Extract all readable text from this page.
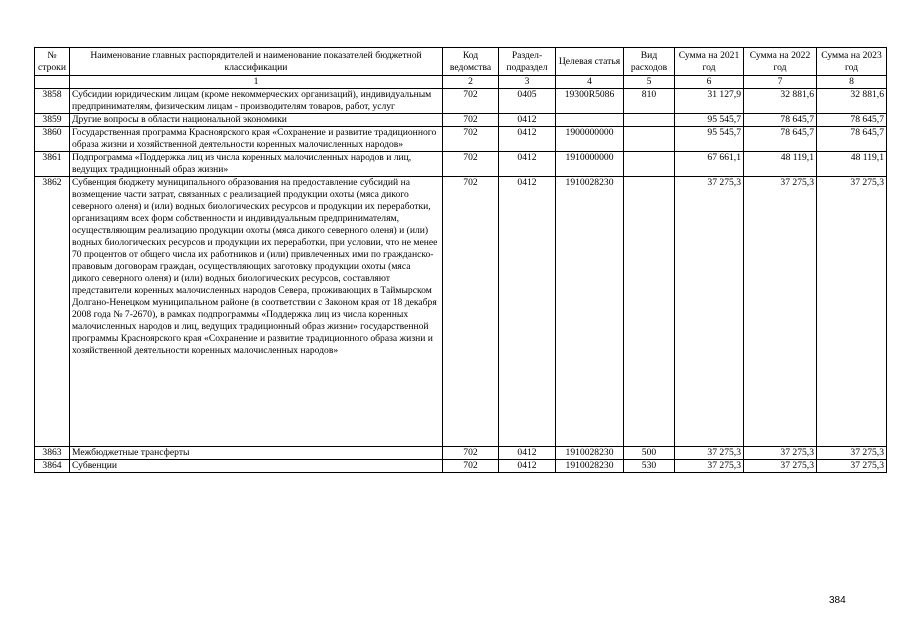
№ строки	Наименование главных распорядителей и наименование показателей бюджетной классификации	Код ведомства	Раздел-подраздел	Целевая статья	Вид расходов	Сумма на 2021 год	Сумма на 2022 год	Сумма на 2023 год
	1	2	3	4	5	6	7	8
3858	Субсидии юридическим лицам (кроме некоммерческих организаций), индивидуальным предпринимателям, физическим лицам - производителям товаров, работ, услуг	702	0405	19300R5086	810	31 127,9	32 881,6	32 881,6
3859	Другие вопросы в области национальной экономики	702	0412			95 545,7	78 645,7	78 645,7
3860	Государственная программа Красноярского края «Сохранение и развитие традиционного образа жизни и хозяйственной деятельности коренных малочисленных народов»	702	0412	1900000000		95 545,7	78 645,7	78 645,7
3861	Подпрограмма «Поддержка лиц из числа коренных малочисленных народов и лиц, ведущих традиционный образ жизни»	702	0412	1910000000		67 661,1	48 119,1	48 119,1
3862	Субвенция бюджету муниципального образования на предоставление субсидий на возмещение части затрат, связанных с реализацией продукции охоты (мяса дикого северного оленя) и (или) водных биологических ресурсов и продукции их переработки, организациям всех форм собственности и индивидуальным предпринимателям, осуществляющим реализацию продукции охоты (мяса дикого северного оленя) и (или) водных биологических ресурсов и продукции их переработки, при условии, что не менее 70 процентов от общего числа их работников и (или) привлеченных ими по гражданско-правовым договорам граждан, осуществляющих заготовку продукции охоты (мяса дикого северного оленя) и (или) водных биологических ресурсов, составляют представители коренных малочисленных народов Севера, проживающих в Таймырском Долгано-Ненецком муниципальном районе (в соответствии с Законом края от 18 декабря 2008 года № 7-2670), в рамках подпрограммы «Поддержка лиц из числа коренных малочисленных народов и лиц, ведущих традиционный образ жизни» государственной программы Красноярского края «Сохранение и развитие традиционного образа жизни и хозяйственной деятельности коренных малочисленных народов»	702	0412	1910028230		37 275,3	37 275,3	37 275,3
3863	Межбюджетные трансферты	702	0412	1910028230	500	37 275,3	37 275,3	37 275,3
3864	Субвенции	702	0412	1910028230	530	37 275,3	37 275,3	37 275,3
384
